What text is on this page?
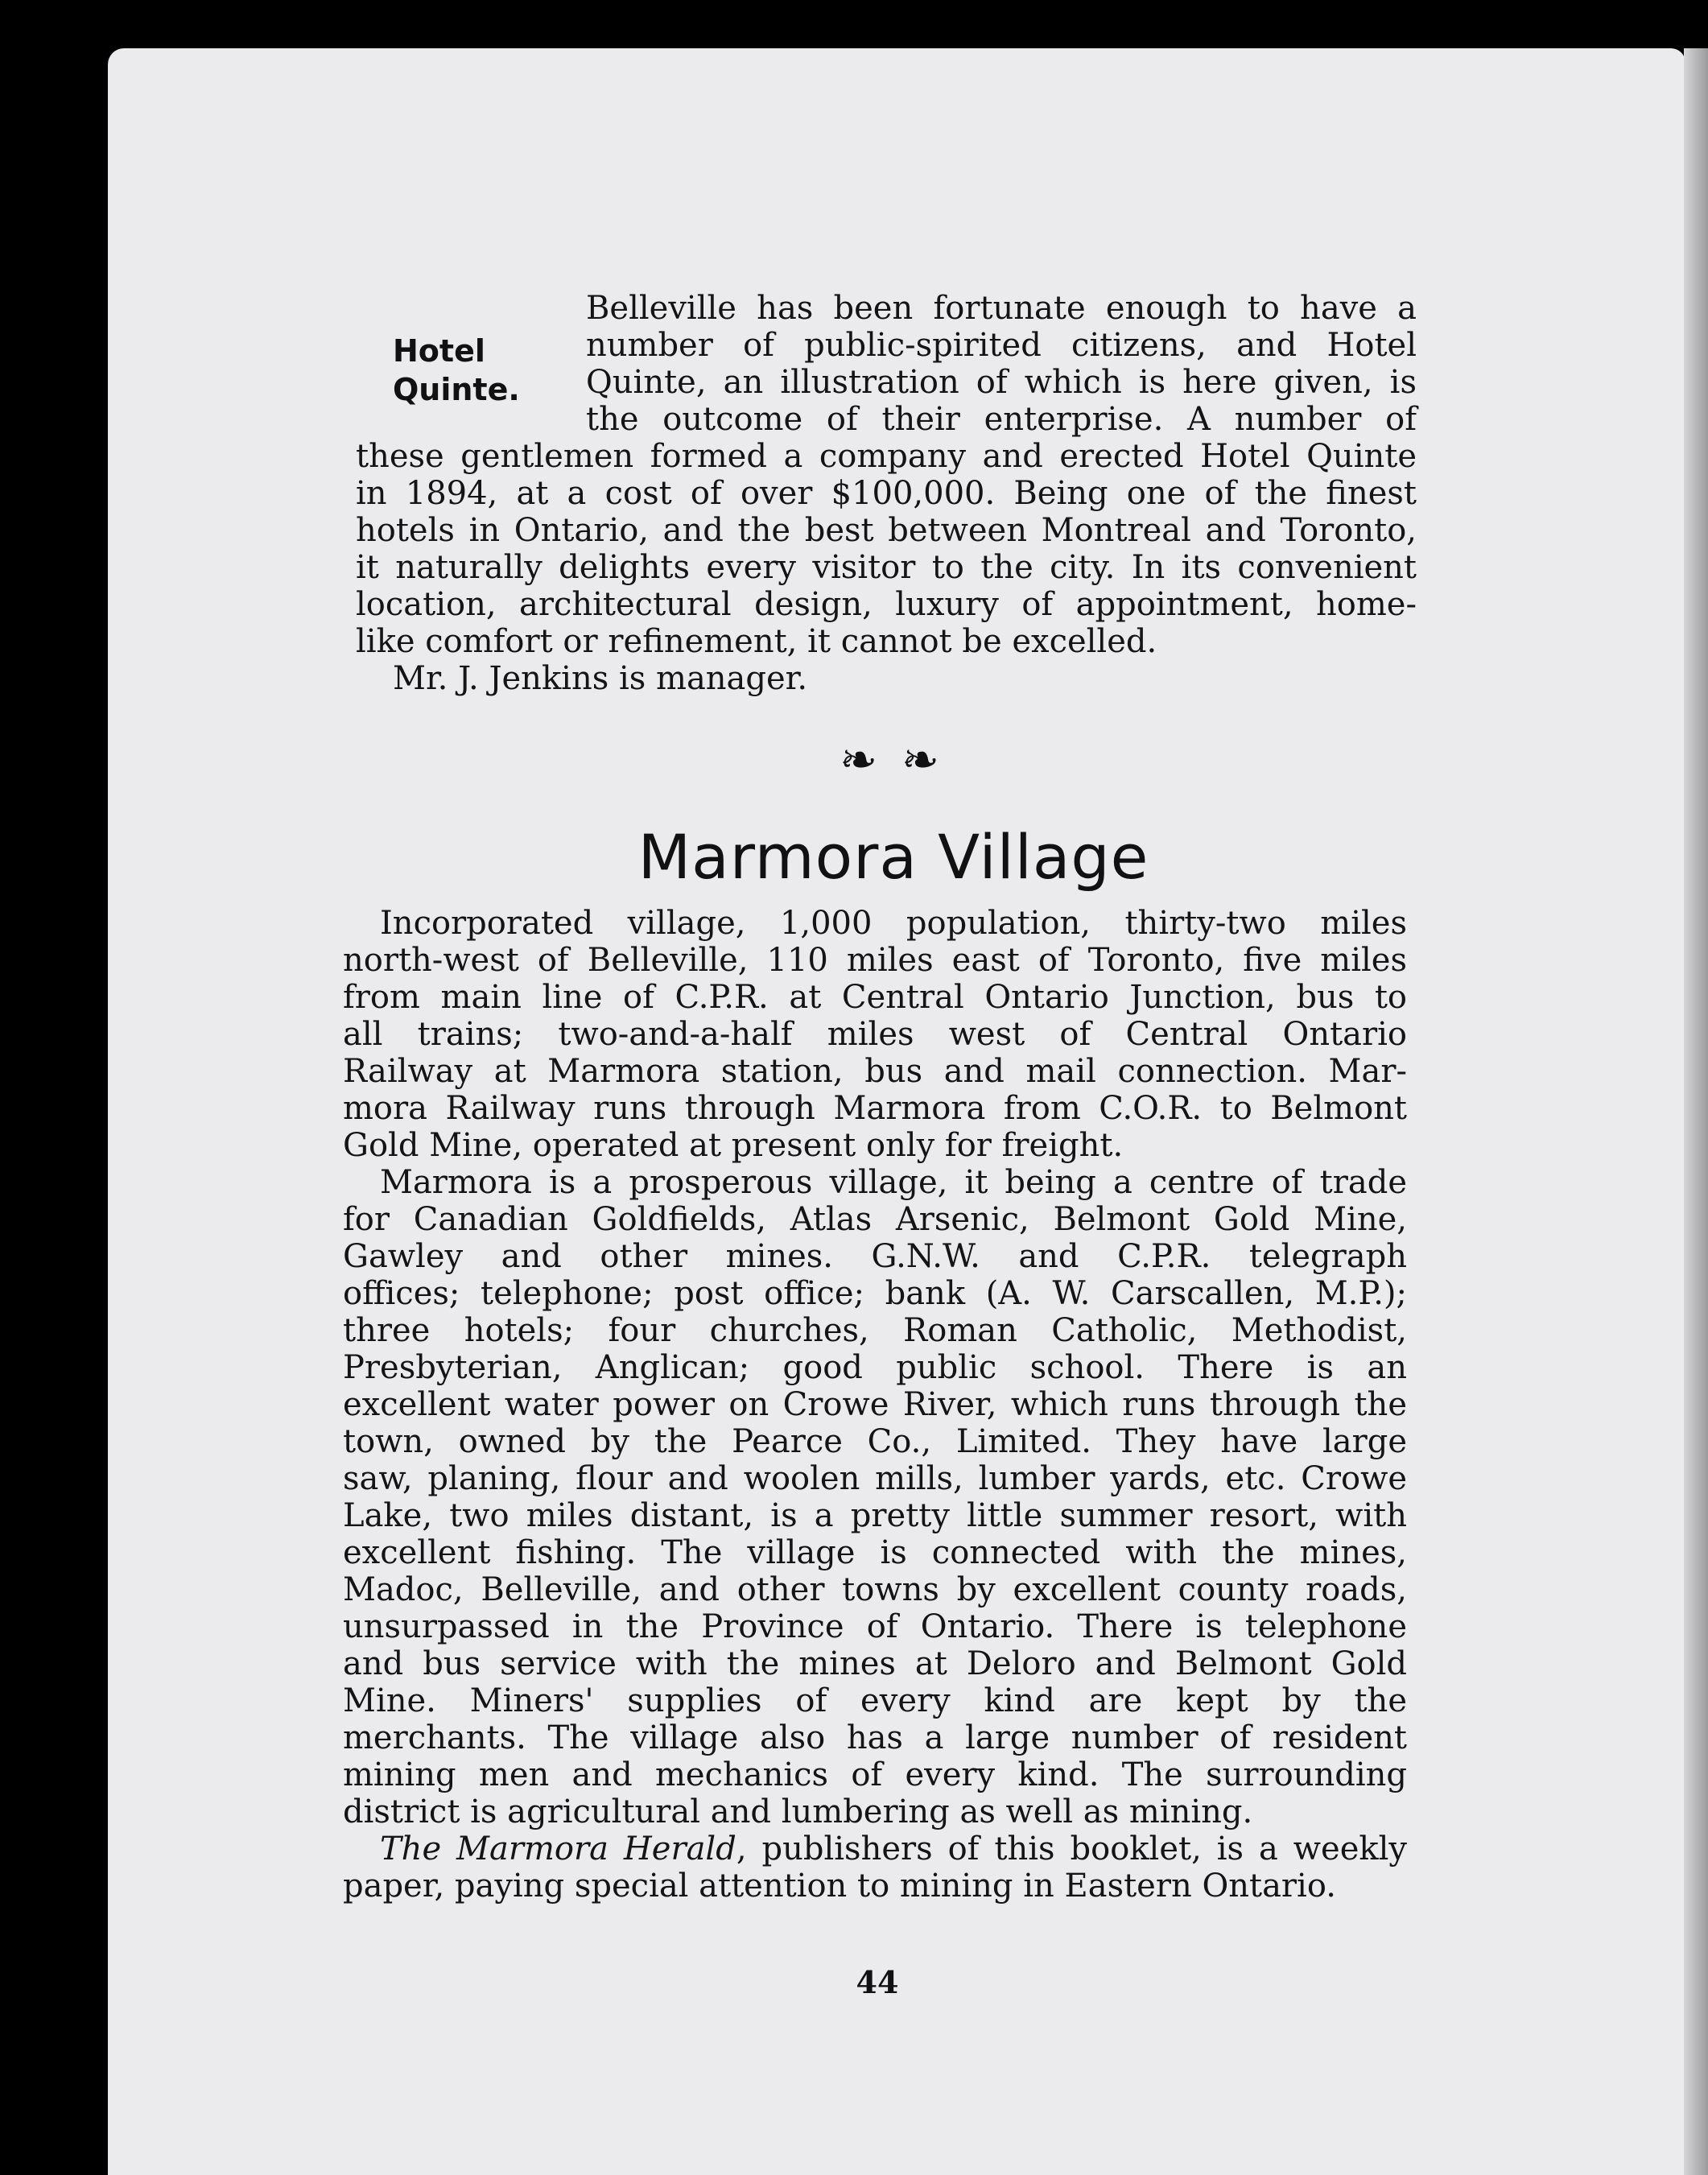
Hotel
Quinte.
Belleville has been fortunate enough to have a
number of public-spirited citizens, and Hotel
Quinte, an illustration of which is here given, is
the outcome of their enterprise. A number of
these gentlemen formed a company and erected Hotel Quinte
in 1894, at a cost of over $100,000. Being one of the finest
hotels in Ontario, and the best between Montreal and Toronto,
it naturally delights every visitor to the city. In its convenient
location, architectural design, luxury of appointment, home-
like comfort or refinement, it cannot be excelled.
Mr. J. Jenkins is manager.
❧❧
Marmora Village
Incorporated village, 1,000 population, thirty-two miles
north-west of Belleville, 110 miles east of Toronto, five miles
from main line of C.P.R. at Central Ontario Junction, bus to
all trains; two-and-a-half miles west of Central Ontario
Railway at Marmora station, bus and mail connection. Mar-
mora Railway runs through Marmora from C.O.R. to Belmont
Gold Mine, operated at present only for freight.
Marmora is a prosperous village, it being a centre of trade
for Canadian Goldfields, Atlas Arsenic, Belmont Gold Mine,
Gawley and other mines. G.N.W. and C.P.R. telegraph
offices; telephone; post office; bank (A. W. Carscallen, M.P.);
three hotels; four churches, Roman Catholic, Methodist,
Presbyterian, Anglican; good public school. There is an
excellent water power on Crowe River, which runs through the
town, owned by the Pearce Co., Limited. They have large
saw, planing, flour and woolen mills, lumber yards, etc. Crowe
Lake, two miles distant, is a pretty little summer resort, with
excellent fishing. The village is connected with the mines,
Madoc, Belleville, and other towns by excellent county roads,
unsurpassed in the Province of Ontario. There is telephone
and bus service with the mines at Deloro and Belmont Gold
Mine. Miners' supplies of every kind are kept by the
merchants. The village also has a large number of resident
mining men and mechanics of every kind. The surrounding
district is agricultural and lumbering as well as mining.
The Marmora Herald, publishers of this booklet, is a weekly
paper, paying special attention to mining in Eastern Ontario.
44
